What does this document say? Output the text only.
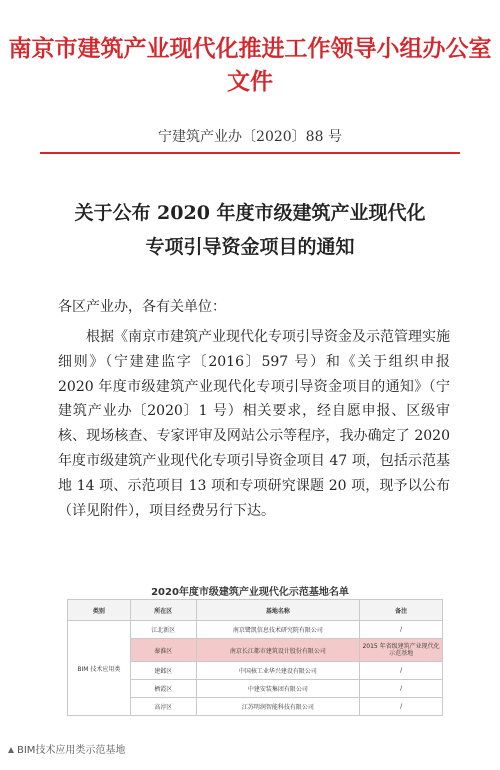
南京市建筑产业现代化推进工作领导小组办公室文件
宁建筑产业办〔2020〕88 号
关于公布 2020 年度市级建筑产业现代化
专项引导资金项目的通知
各区产业办，各有关单位：
根据《南京市建筑产业现代化专项引导资金及示范管理实施细则》（宁建建监字〔2016〕597 号）和《关于组织申报 2020 年度市级建筑产业现代化专项引导资金项目的通知》（宁建筑产业办〔2020〕1 号）相关要求，经自愿申报、区级审核、现场核查、专家评审及网站公示等程序，我办确定了 2020 年度市级建筑产业现代化专项引导资金项目 47 项，包括示范基地 14 项、示范项目 13 项和专项研究课题 20 项，现予以公布（详见附件），项目经费另行下达。
2020年度市级建筑产业现代化示范基地名单
类别	所在区	基地名称	备注
BIM 技术应用类	江北新区	南京鹭凯信息技术研究院有限公司	/
	秦淮区	南京长江都市建筑设计股份有限公司	2015 年省级建筑产业现代化示范基地
	建邺区	中国核工业华兴建设有限公司	/
	栖霞区	中建安装集团有限公司	/
	高淳区	江苏明润智能科技有限公司	/
BIM技术应用类示范基地
